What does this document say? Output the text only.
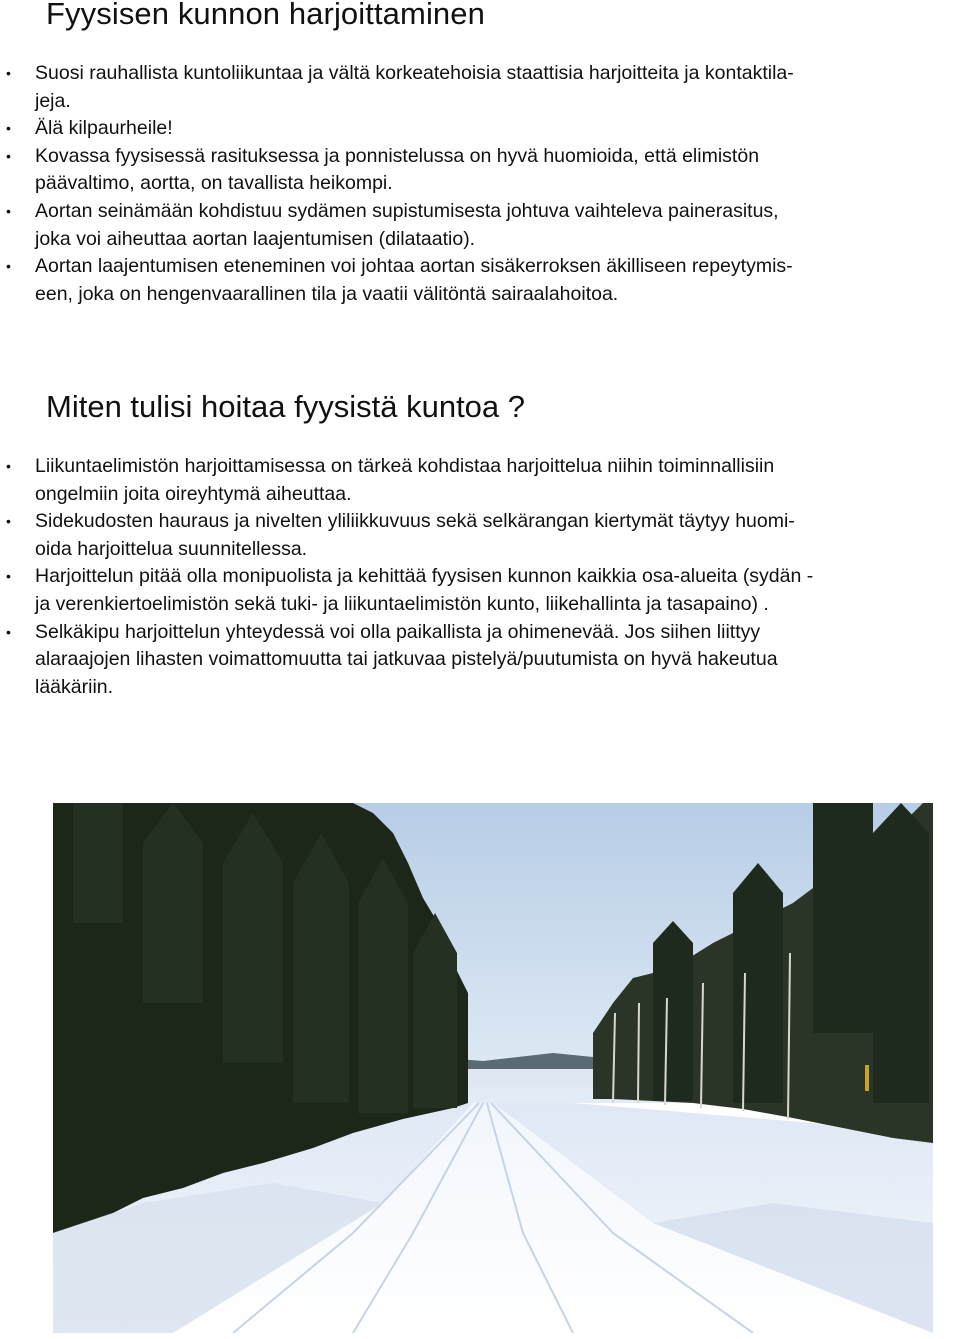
Fyysisen kunnon harjoittaminen
• Suosi rauhallista kuntoliikuntaa ja vältä korkeatehoisia staattisia harjoitteita ja kontaktila-
jeja.
• Älä kilpaurheile!
• Kovassa fyysisessä rasituksessa ja ponnistelussa on hyvä huomioida, että elimistön
päävaltimo, aortta, on tavallista heikompi.
• Aortan seinämään kohdistuu sydämen supistumisesta johtuva vaihteleva painerasitus,
joka voi aiheuttaa aortan laajentumisen (dilataatio).
• Aortan laajentumisen eteneminen voi johtaa aortan sisäkerroksen äkilliseen repeytymis-
een, joka on hengenvaarallinen tila ja vaatii välitöntä sairaalahoitoa.
Miten tulisi hoitaa fyysistä kuntoa ?
• Liikuntaelimistön harjoittamisessa on tärkeä kohdistaa harjoittelua niihin toiminnallisiin
ongelmiin joita oireyhtymä aiheuttaa.
• Sidekudosten hauraus ja nivelten yliliikkuvuus sekä selkärangan kiertymät täytyy huomi-
oida harjoittelua suunnitellessa.
• Harjoittelun pitää olla monipuolista ja kehittää fyysisen kunnon kaikkia osa-alueita (sydän -
ja verenkiertoelimistön sekä tuki- ja liikuntaelimistön kunto, liikehallinta ja tasapaino) .
• Selkäkipu harjoittelun yhteydessä voi olla paikallista ja ohimenevää. Jos siihen liittyy
alaraajojen lihasten voimattomuutta tai jatkuvaa pistelyä/puutumista on hyvä hakeutua
lääkäriin.
